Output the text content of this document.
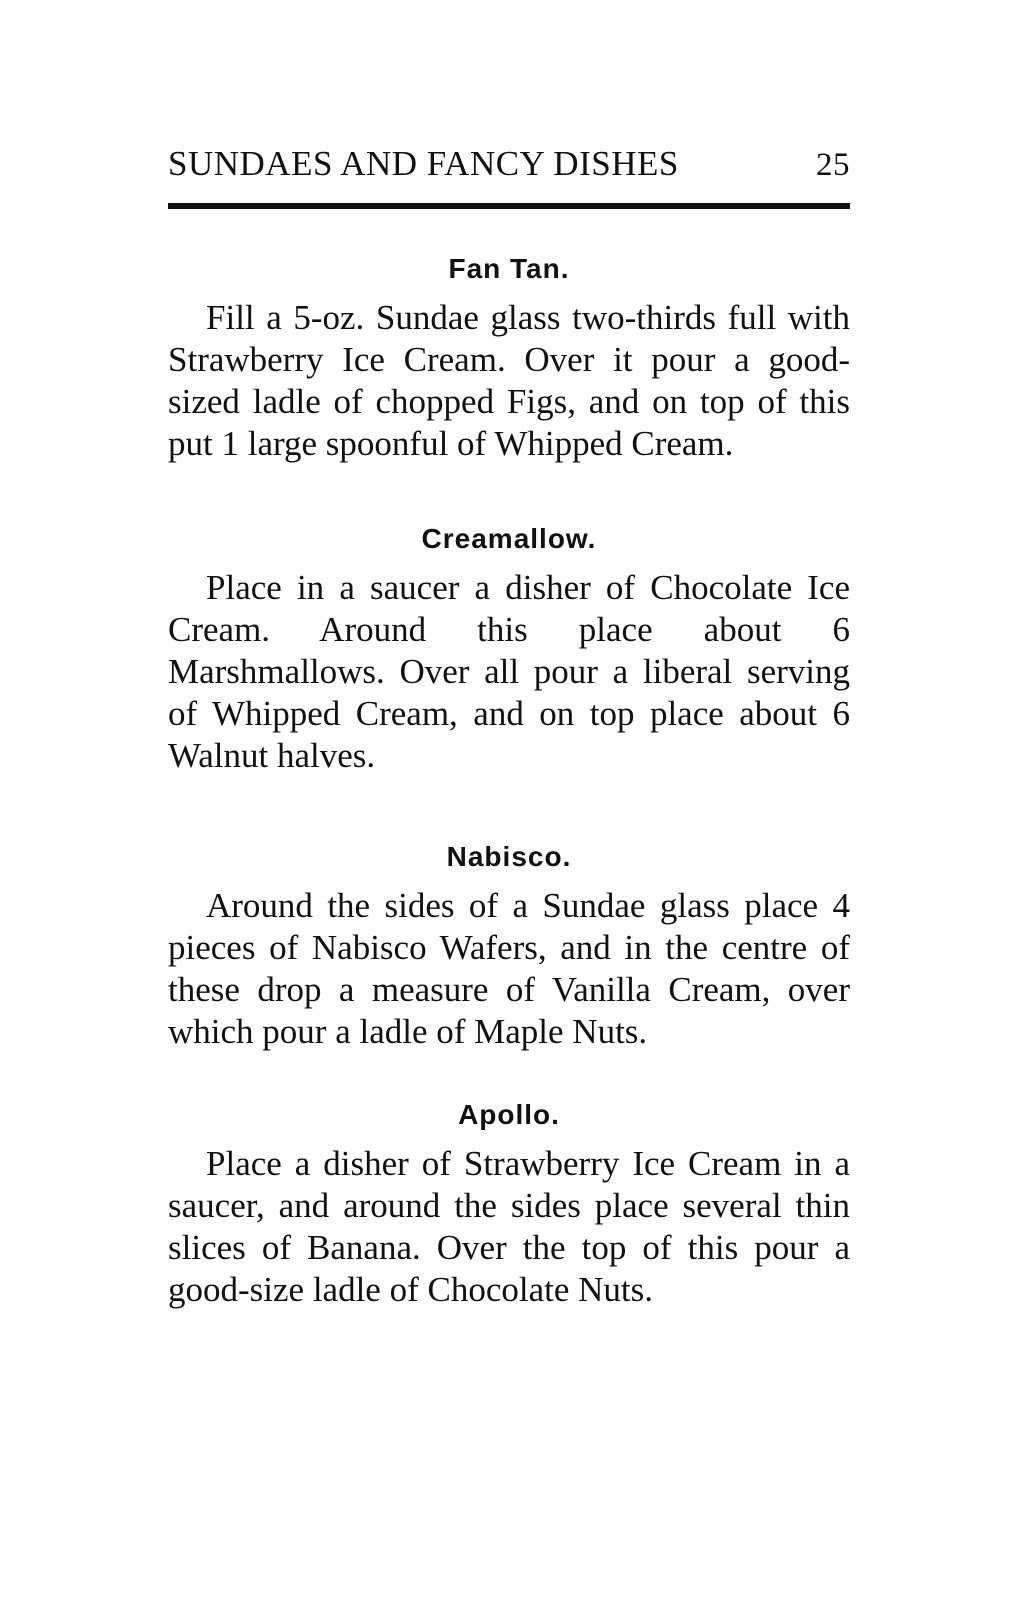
SUNDAES AND FANCY DISHES	25
Fan Tan.

Fill a 5-oz. Sundae glass two-thirds full with Strawberry Ice Cream. Over it pour a good-sized ladle of chopped Figs, and on top of this put 1 large spoonful of Whipped Cream.

Creamallow.

Place in a saucer a disher of Chocolate Ice Cream. Around this place about 6 Marshmallows. Over all pour a liberal serving of Whipped Cream, and on top place about 6 Walnut halves.

Nabisco.

Around the sides of a Sundae glass place 4 pieces of Nabisco Wafers, and in the centre of these drop a measure of Vanilla Cream, over which pour a ladle of Maple Nuts.

Apollo.

Place a disher of Strawberry Ice Cream in a saucer, and around the sides place several thin slices of Banana. Over the top of this pour a good-size ladle of Chocolate Nuts.
